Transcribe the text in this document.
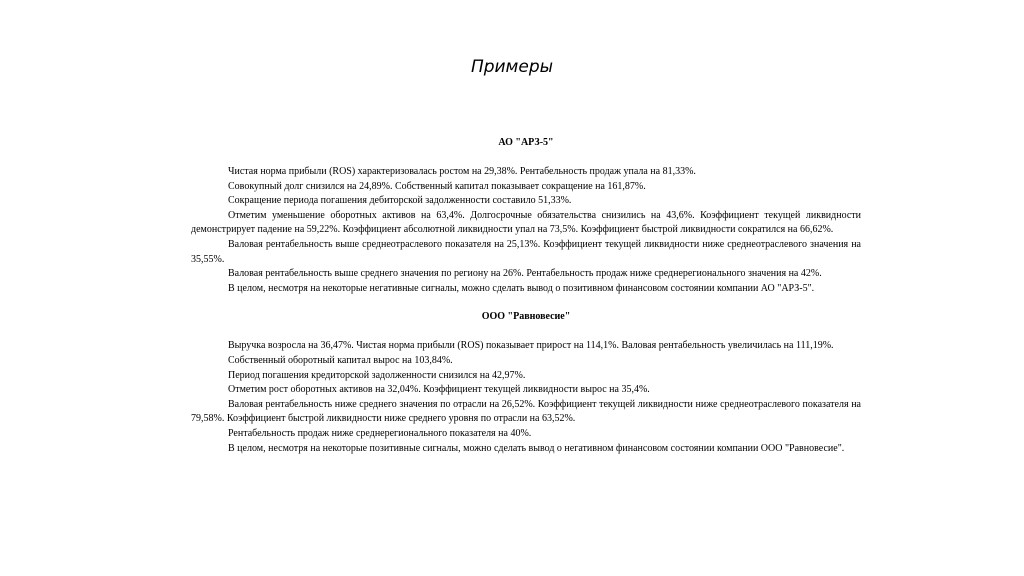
Примеры

АО "АРЗ-5"

Чистая норма прибыли (ROS) характеризовалась ростом на 29,38%. Рентабельность продаж упала на 81,33%.

Совокупный долг снизился на 24,89%. Собственный капитал показывает сокращение на 161,87%.

Сокращение периода погашения дебиторской задолженности составило 51,33%.

Отметим уменьшение оборотных активов на 63,4%. Долгосрочные обязательства снизились на 43,6%. Коэффициент текущей ликвидности демонстрирует падение на 59,22%. Коэффициент абсолютной ликвидности упал на 73,5%. Коэффициент быстрой ликвидности сократился на 66,62%.

Валовая рентабельность выше среднеотраслевого показателя на 25,13%. Коэффициент текущей ликвидности ниже среднеотраслевого значения на 35,55%.

Валовая рентабельность выше среднего значения по региону на 26%. Рентабельность продаж ниже среднерегионального значения на 42%.

В целом, несмотря на некоторые негативные сигналы, можно сделать вывод о позитивном финансовом состоянии компании АО "АРЗ-5".

ООО "Равновесие"

Выручка возросла на 36,47%. Чистая норма прибыли (ROS) показывает прирост на 114,1%. Валовая рентабельность увеличилась на 111,19%.

Собственный оборотный капитал вырос на 103,84%.

Период погашения кредиторской задолженности снизился на 42,97%.

Отметим рост оборотных активов на 32,04%. Коэффициент текущей ликвидности вырос на 35,4%.

Валовая рентабельность ниже среднего значения по отрасли на 26,52%. Коэффициент текущей ликвидности ниже среднеотраслевого показателя на 79,58%. Коэффициент быстрой ликвидности ниже среднего уровня по отрасли на 63,52%.

Рентабельность продаж ниже среднерегионального показателя на 40%.

В целом, несмотря на некоторые позитивные сигналы, можно сделать вывод о негативном финансовом состоянии компании ООО "Равновесие".
